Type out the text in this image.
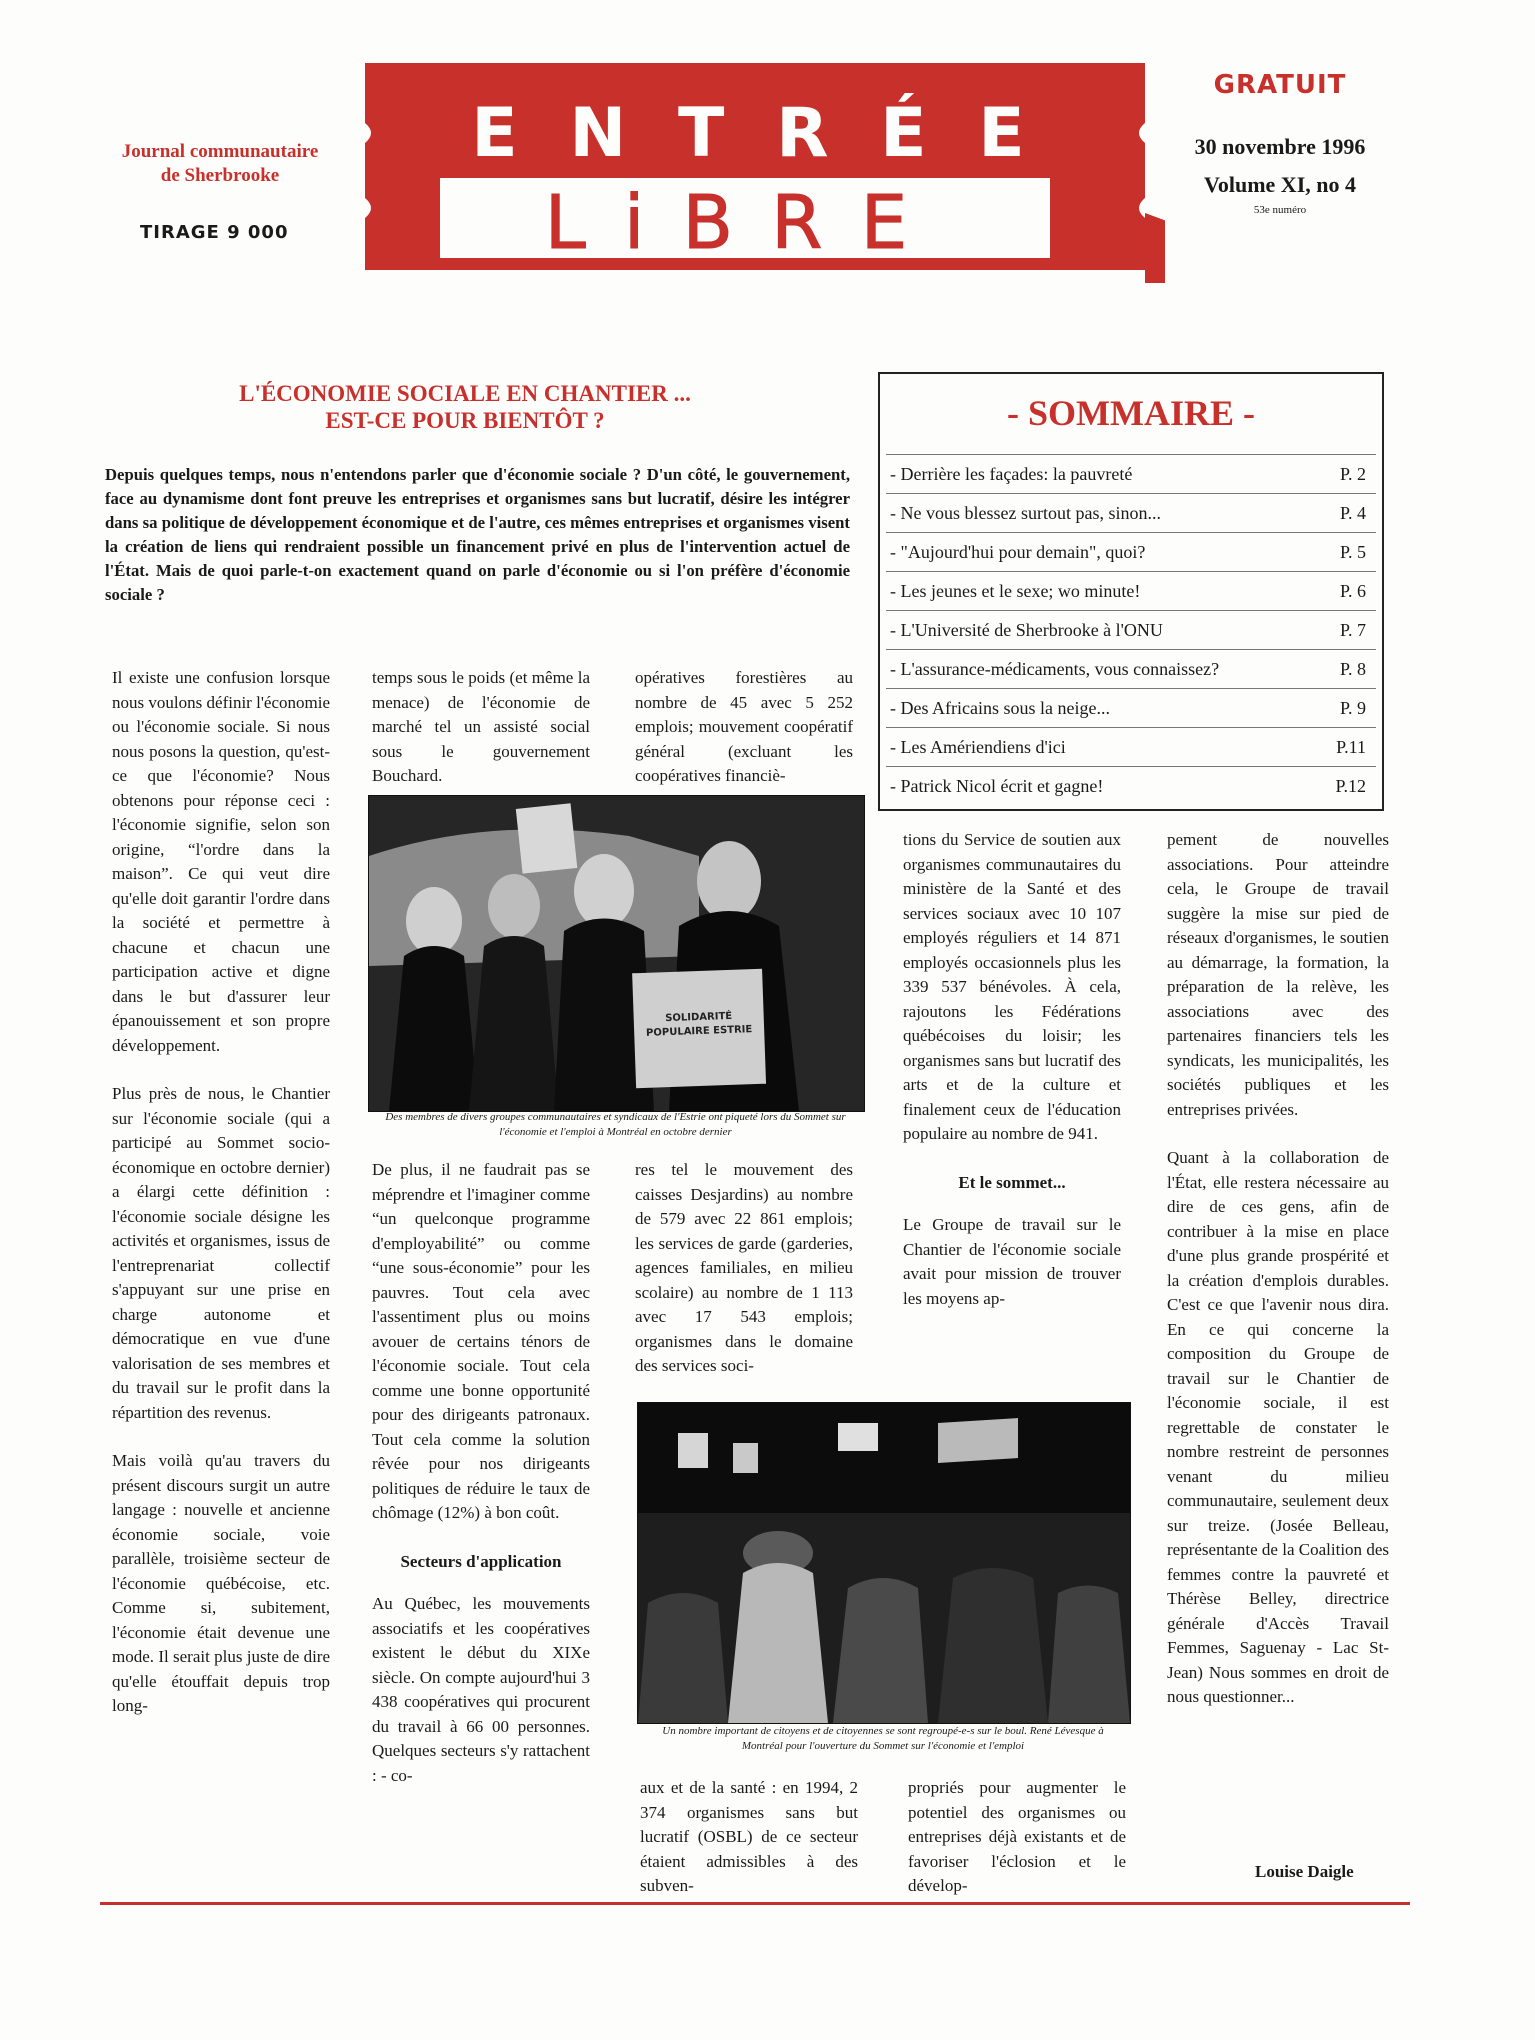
Journal communautaire
de Sherbrooke
TIRAGE 9 000
E N T R É E
LiBRE
GRATUIT
30 novembre 1996
Volume XI, no 4
53e numéro
L'ÉCONOMIE SOCIALE EN CHANTIER ...
EST-CE POUR BIENTÔT ?
Depuis quelques temps, nous n'entendons parler que d'économie sociale ? D'un côté, le gouvernement, face au dynamisme dont font preuve les entreprises et organismes sans but lucratif, désire les intégrer dans sa politique de développement économique et de l'autre, ces mêmes entreprises et organismes visent la création de liens qui rendraient possible un financement privé en plus de l'intervention actuel de l'État. Mais de quoi parle-t-on exactement quand on parle d'économie ou si l'on préfère d'économie sociale ?
- SOMMAIRE -
- Derrière les façades: la pauvreté	P. 2
- Ne vous blessez surtout pas, sinon...	P. 4
- "Aujourd'hui pour demain", quoi?	P. 5
- Les jeunes et le sexe; wo minute!	P. 6
- L'Université de Sherbrooke à l'ONU	P. 7
- L'assurance-médicaments, vous connaissez?	P. 8
- Des Africains sous la neige...	P. 9
- Les Amériendiens d'ici	P.11
- Patrick Nicol écrit et gagne!	P.12

Il existe une confusion lorsque nous voulons définir l'économie ou l'économie sociale. Si nous nous posons la question, qu'est-ce que l'économie? Nous obtenons pour réponse ceci : l'économie signifie, selon son origine, “l'ordre dans la maison”. Ce qui veut dire qu'elle doit garantir l'ordre dans la société et permettre à chacune et chacun une participation active et digne dans le but d'assurer leur épanouissement et son propre développement.

Plus près de nous, le Chantier sur l'économie sociale (qui a participé au Sommet socio-économique en octobre dernier) a élargi cette définition : l'économie sociale désigne les activités et organismes, issus de l'entreprenariat collectif s'appuyant sur une prise en charge autonome et démocratique en vue d'une valorisation de ses membres et du travail sur le profit dans la répartition des revenus.

Mais voilà qu'au travers du présent discours surgit un autre langage : nouvelle et ancienne économie sociale, voie parallèle, troisième secteur de l'économie québécoise, etc. Comme si, subitement, l'économie était devenue une mode. Il serait plus juste de dire qu'elle étouffait depuis trop long-

temps sous le poids (et même la menace) de l'économie de marché tel un assisté social sous le gouvernement Bouchard.
opératives forestières au nombre de 45 avec 5 252 emplois; mouvement coopératif général (excluant les coopératives financiè-
SOLIDARITÉ POPULAIRE ESTRIE
Des membres de divers groupes communautaires et syndicaux de l'Estrie ont piqueté lors du Sommet sur l'économie et l'emploi à Montréal en octobre dernier

De plus, il ne faudrait pas se méprendre et l'imaginer comme “un quelconque programme d'employabilité” ou comme “une sous-économie” pour les pauvres. Tout cela avec l'assentiment plus ou moins avouer de certains ténors de l'économie sociale. Tout cela comme une bonne opportunité pour des dirigeants patronaux. Tout cela comme la solution rêvée pour nos dirigeants politiques de réduire le taux de chômage (12%) à bon coût.

Secteurs d'application

Au Québec, les mouvements associatifs et les coopératives existent le début du XIXe siècle. On compte aujourd'hui 3 438 coopératives qui procurent du travail à 66 00 personnes. Quelques secteurs s'y rattachent : - co-

res tel le mouvement des caisses Desjardins) au nombre de 579 avec 22 861 emplois; les services de garde (garderies, agences familiales, en milieu scolaire) au nombre de 1 113 avec 17 543 emplois; organismes dans le domaine des services soci-
Un nombre important de citoyens et de citoyennes se sont regroupé-e-s sur le boul. René Lévesque à Montréal pour l'ouverture du Sommet sur l'économie et l'emploi
aux et de la santé : en 1994, 2 374 organismes sans but lucratif (OSBL) de ce secteur étaient admissibles à des subven-

tions du Service de soutien aux organismes communautaires du ministère de la Santé et des services sociaux avec 10 107 employés réguliers et 14 871 employés occasionnels plus les 339 537 bénévoles. À cela, rajoutons les Fédérations québécoises du loisir; les organismes sans but lucratif des arts et de la culture et finalement ceux de l'éducation populaire au nombre de 941.

Et le sommet...

Le Groupe de travail sur le Chantier de l'économie sociale avait pour mission de trouver les moyens ap-

propriés pour augmenter le potentiel des organismes ou entreprises déjà existants et de favoriser l'éclosion et le dévelop-

pement de nouvelles associations. Pour atteindre cela, le Groupe de travail suggère la mise sur pied de réseaux d'organismes, le soutien au démarrage, la formation, la préparation de la relève, les associations avec des partenaires financiers tels les syndicats, les municipalités, les sociétés publiques et les entreprises privées.

Quant à la collaboration de l'État, elle restera nécessaire au dire de ces gens, afin de contribuer à la mise en place d'une plus grande prospérité et la création d'emplois durables. C'est ce que l'avenir nous dira. En ce qui concerne la composition du Groupe de travail sur le Chantier de l'économie sociale, il est regrettable de constater le nombre restreint de personnes venant du milieu communautaire, seulement deux sur treize. (Josée Belleau, représentante de la Coalition des femmes contre la pauvreté et Thérèse Belley, directrice générale d'Accès Travail Femmes, Saguenay - Lac St-Jean) Nous sommes en droit de nous questionner...

Louise Daigle
